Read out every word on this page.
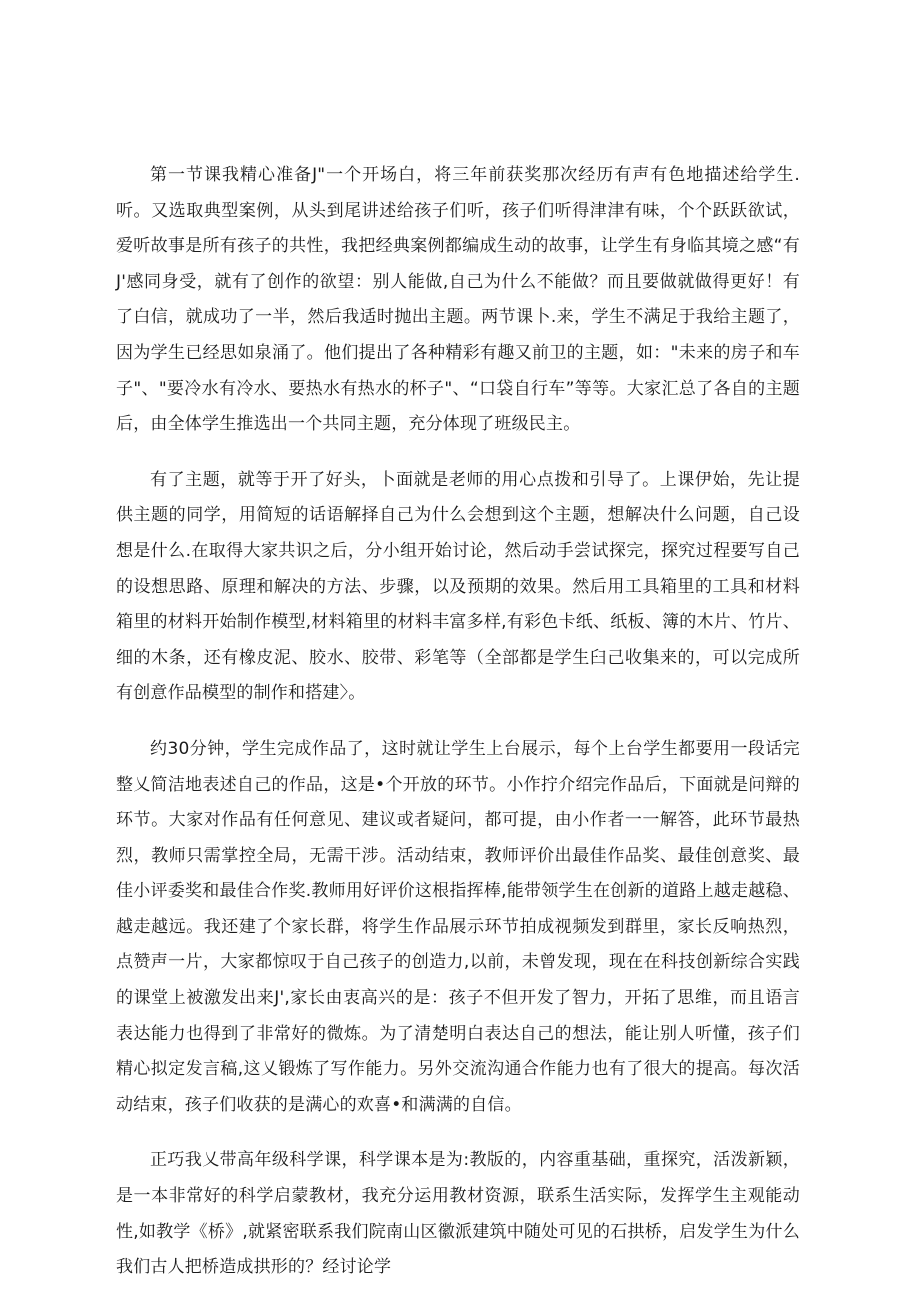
第一节课我精心准备J"一个开场白，将三年前获奖那次经历有声有色地描述给学生.听。又选取典型案例，从头到尾讲述给孩子们听，孩子们听得津津有味，个个跃跃欲试，爱听故事是所有孩子的共性，我把经典案例都编成生动的故事，让学生有身临其境之感“有J'感同身受，就有了创作的欲望：别人能做,自己为什么不能做？而且要做就做得更好！有了白信，就成功了一半，然后我适时抛出主题。两节课卜.来，学生不满足于我给主题了，因为学生已经思如泉涌了。他们提出了各种精彩有趣又前卫的主题，如："未来的房子和车子"、"要冷水有冷水、要热水有热水的杯子"、“口袋自行车”等等。大家汇总了各自的主题后，由全体学生推选出一个共同主题，充分体现了班级民主。

有了主题，就等于开了好头，卜面就是老师的用心点拨和引导了。上课伊始，先让提供主题的同学，用简短的话语解择自己为什么会想到这个主题，想解决什么问题，自己设想是什么.在取得大家共识之后，分小组开始讨论，然后动手尝试探完，探究过程要写自己的设想思路、原理和解决的方法、步骤，以及预期的效果。然后用工具箱里的工具和材料箱里的材料开始制作模型,材料箱里的材料丰富多样,有彩色卡纸、纸板、簿的木片、竹片、细的木条，还有橡皮泥、胶水、胶带、彩笔等（全部都是学生臼己收集来的，可以完成所有创意作品模型的制作和搭建〉。

约30分钟，学生完成作品了，这时就让学生上台展示，每个上台学生都要用一段话完整乂简洁地表述自己的作品，这是•个开放的环节。小作拧介绍完作品后，下面就是问辩的环节。大家对作品有任何意见、建议或者疑问，都可提，由小作者一一解答，此环节最热烈，教师只需掌控全局，无需干涉。活动结束，教师评价出最佳作品奖、最佳创意奖、最佳小评委奖和最佳合作奖.教师用好评价这根指挥棒,能带领学生在创新的道路上越走越稳、越走越远。我还建了个家长群，将学生作品展示环节拍成视频发到群里，家长反响热烈，点赞声一片，大家都惊叹于自己孩子的创造力,以前，未曾发现，现在在科技创新综合实践的课堂上被激发出来J',家长由衷高兴的是：孩子不但开发了智力，开拓了思维，而且语言表达能力也得到了非常好的微炼。为了清楚明白表达自己的想法，能让别人听懂，孩子们精心拟定发言稿,这乂锻炼了写作能力。另外交流沟通合作能力也有了很大的提高。每次活动结束，孩子们收获的是满心的欢喜•和满满的自信。

正巧我乂带高年级科学课，科学课本是为:教版的，内容重基础，重探究，活泼新颖，是一本非常好的科学启蒙教材，我充分运用教材资源，联系生活实际，发挥学生主观能动性,如教学《桥》,就紧密联系我们院南山区徽派建筑中随处可见的石拱桥，启发学生为什么我们古人把桥造成拱形的？经讨论学
